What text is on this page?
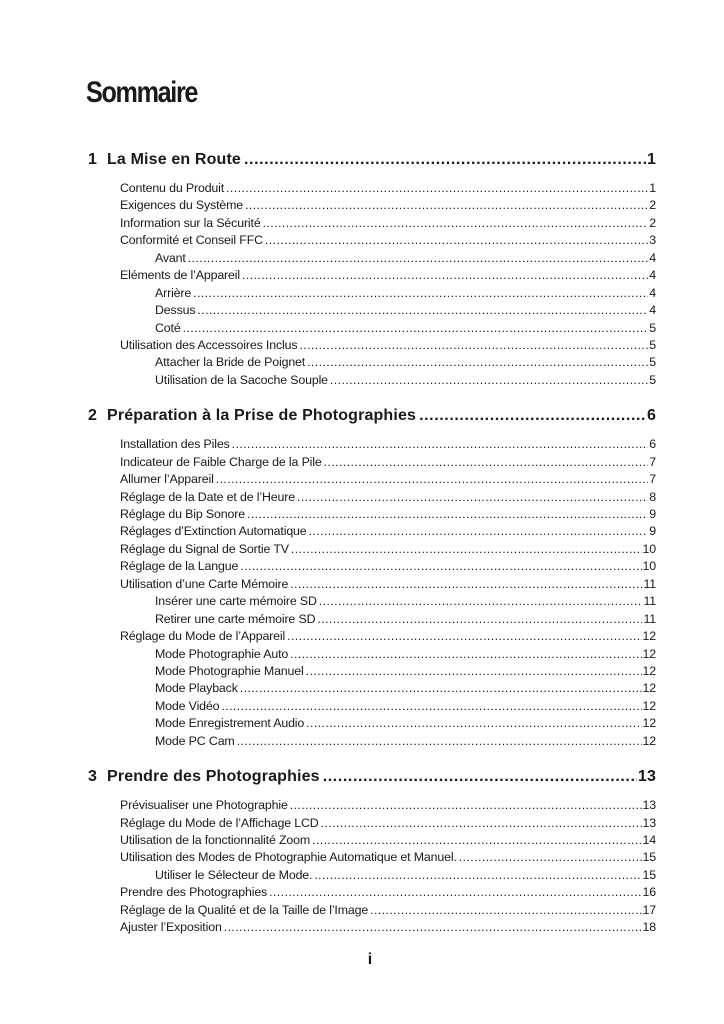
Sommaire
1 La Mise en Route .....	1
Contenu du Produit .....	1
Exigences du Système .....	2
Information sur la Sécurité .....	2
Conformité et Conseil FFC .....	3
Avant .....	4
Eléments de l’Appareil .....	4
Arrière .....	4
Dessus .....	4
Coté .....	5
Utilisation des Accessoires Inclus .....	5
Attacher la Bride de Poignet .....	5
Utilisation de la Sacoche Souple .....	5
2 Préparation à la Prise de Photographies .....	6
Installation des Piles .....	6
Indicateur de Faible Charge de la Pile .....	7
Allumer l’Appareil .....	7
Réglage de la Date et de l’Heure .....	8
Réglage du Bip Sonore .....	9
Réglages d’Extinction Automatique .....	9
Réglage du Signal de Sortie TV .....	10
Réglage de la Langue .....	10
Utilisation d’une Carte Mémoire .....	11
Insérer une carte mémoire SD .....	11
Retirer une carte mémoire SD .....	11
Réglage du Mode de l’Appareil .....	12
Mode Photographie Auto .....	12
Mode Photographie Manuel .....	12
Mode Playback .....	12
Mode Vidéo .....	12
Mode Enregistrement Audio .....	12
Mode PC Cam .....	12
3 Prendre des Photographies .....	13
Prévisualiser une Photographie .....	13
Réglage du Mode de l’Affichage LCD .....	13
Utilisation de la fonctionnalité Zoom .....	14
Utilisation des Modes de Photographie Automatique et Manuel. .....	15
Utiliser le Sélecteur de Mode. .....	15
Prendre des Photographies .....	16
Réglage de la Qualité et de la Taille de l’Image .....	17
Ajuster l’Exposition .....	18

i
